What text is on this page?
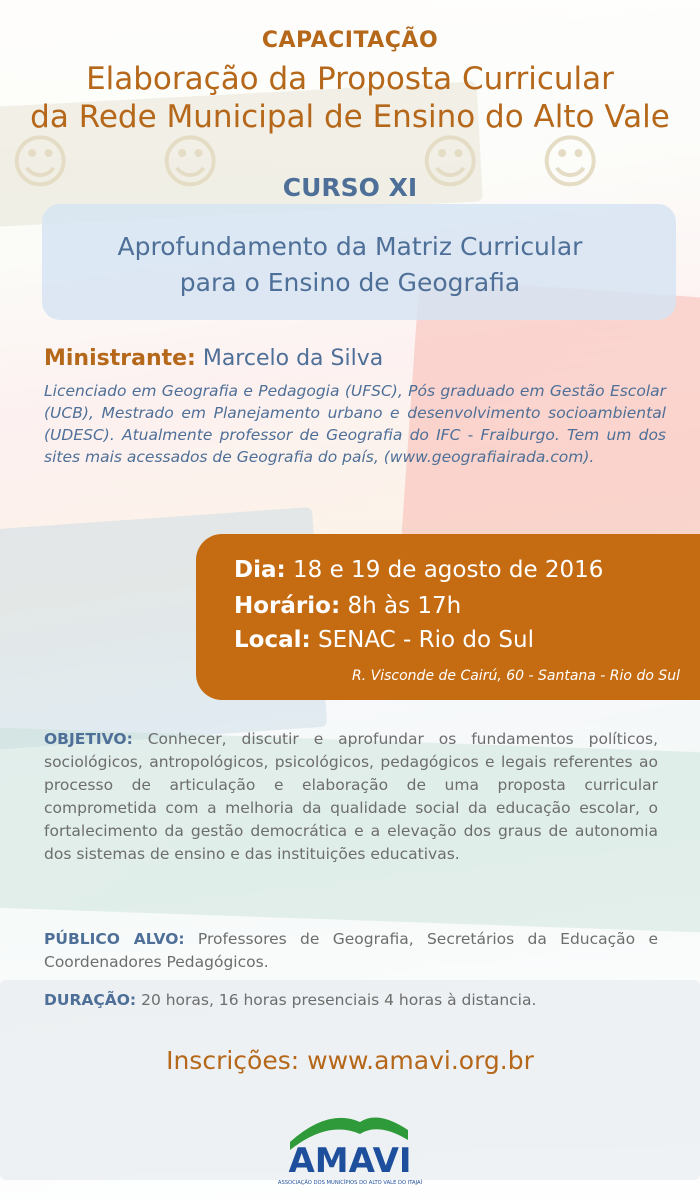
☺ ☺	☺ ☺
CAPACITAÇÃO
Elaboração da Proposta Curricular
da Rede Municipal de Ensino do Alto Vale
CURSO XI
Aprofundamento da Matriz Curricular
para o Ensino de Geografia
Ministrante: Marcelo da Silva
Licenciado em Geografia e Pedagogia (UFSC), Pós graduado em Gestão Escolar (UCB), Mestrado em Planejamento urbano e desenvolvimento socioambiental (UDESC). Atualmente professor de Geografia do IFC - Fraiburgo. Tem um dos sites mais acessados de Geografia do país, (www.geografiairada.com).
Dia: 18 e 19 de agosto de 2016
Horário: 8h às 17h
Local: SENAC - Rio do Sul
R. Visconde de Cairú, 60 - Santana - Rio do Sul
OBJETIVO: Conhecer, discutir e aprofundar os fundamentos políticos, sociológicos, antropológicos, psicológicos, pedagógicos e legais referentes ao processo de articulação e elaboração de uma proposta curricular comprometida com a melhoria da qualidade social da educação escolar, o fortalecimento da gestão democrática e a elevação dos graus de autonomia dos sistemas de ensino e das instituições educativas.
PÚBLICO ALVO: Professores de Geografia, Secretários da Educação e Coordenadores Pedagógicos.
DURAÇÃO: 20 horas, 16 horas presenciais 4 horas à distancia.
Inscrições: www.amavi.org.br
AMAVI
ASSOCIAÇÃO DOS MUNICÍPIOS DO ALTO VALE DO ITAJAÍ
